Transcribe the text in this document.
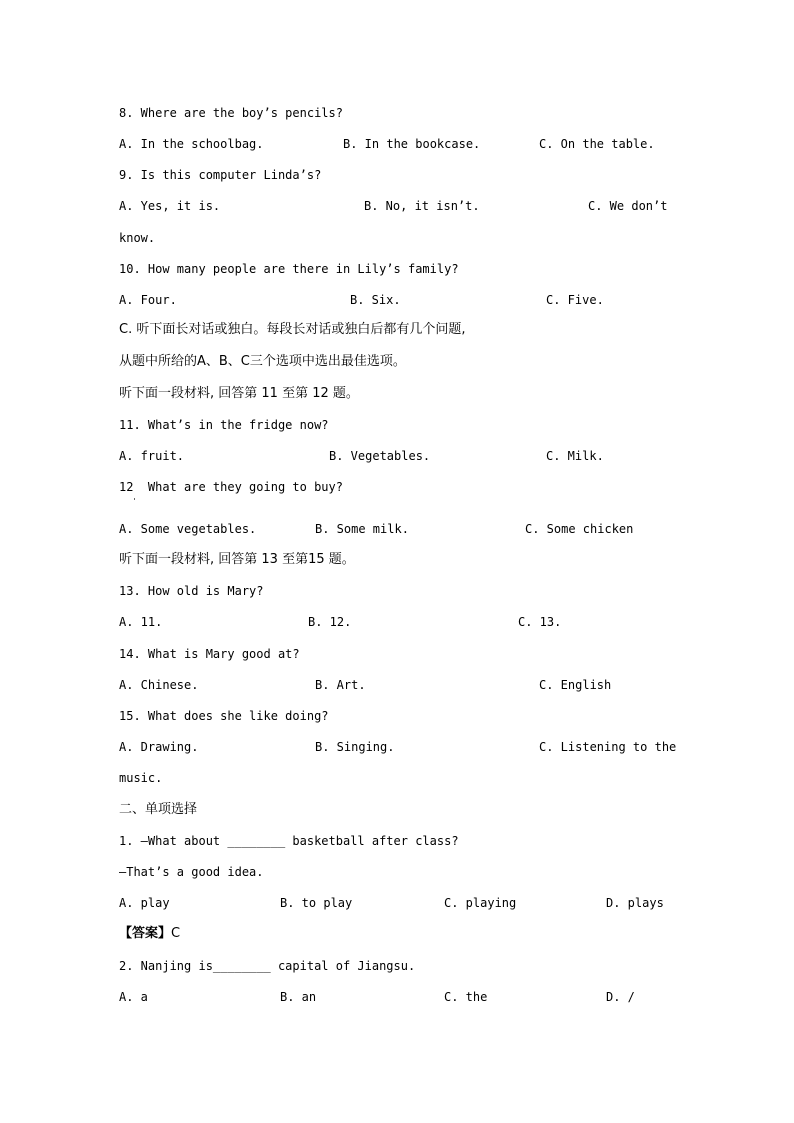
8. Where are the boy’s pencils?
A. In the schoolbag.	B. In the bookcase.	C. On the table.
9. Is this computer Linda’s?
A. Yes, it is.	B. No, it isn’t.	C. We don’t
know.
10. How many people are there in Lily’s family?
A. Four.	B. Six.	C. Five.
C. 听下面长对话或独白。每段长对话或独白后都有几个问题,
从题中所给的A、B、C三个选项中选出最佳选项。
听下面一段材料, 回答第 11 至第 12 题。
11. What’s in the fridge now?
A. fruit.	B. Vegetables.	C. Milk.
12  What are they going to buy?
A. Some vegetables.	B. Some milk.	C. Some chicken
听下面一段材料, 回答第 13 至第15 题。
13. How old is Mary?
A. 11.	B. 12.	C. 13.
14. What is Mary good at?
A. Chinese.	B. Art.	C. English
15. What does she like doing?
A. Drawing.	B. Singing.	C. Listening to the
music.
二、单项选择
1. —What about ________ basketball after class?
—That’s a good idea.
A. play	B. to play	C. playing	D. plays
【答案】C
2. Nanjing is________ capital of Jiangsu.
A. a	B. an	C. the	D. /
